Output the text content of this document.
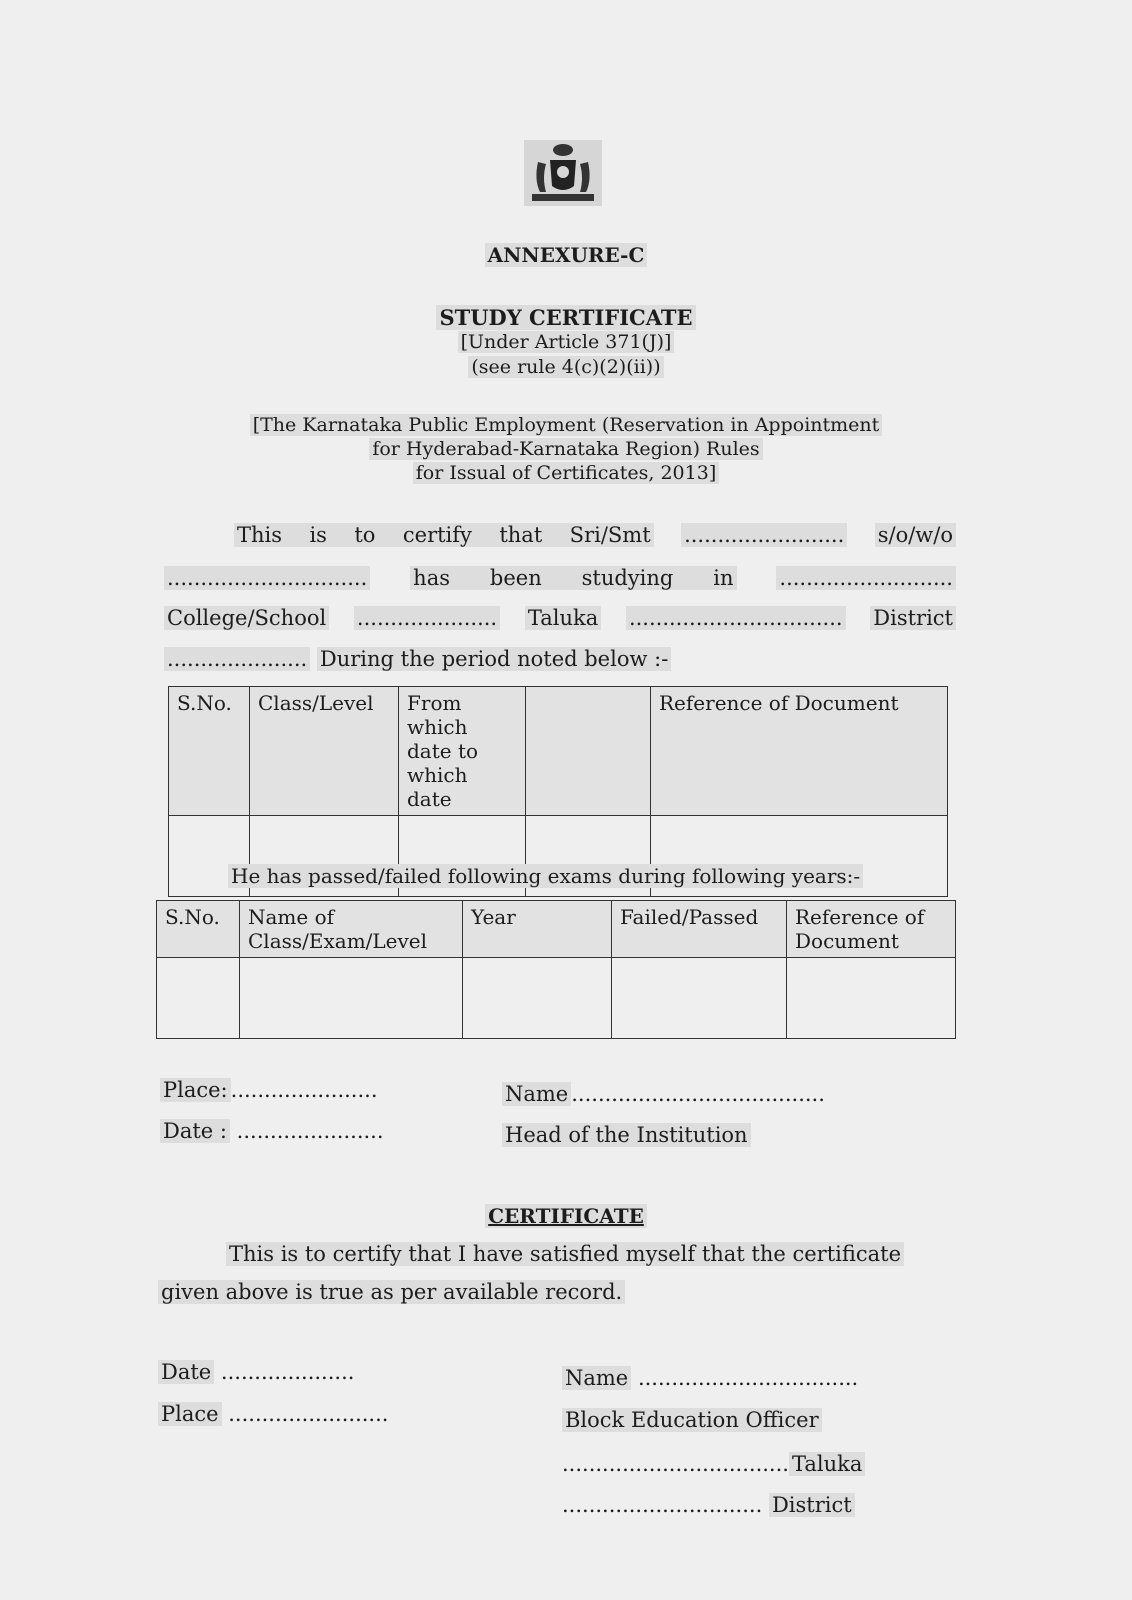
ANNEXURE-C
STUDY CERTIFICATE
[Under Article 371(J)]
(see rule 4(c)(2)(ii))
[The Karnataka Public Employment (Reservation in Appointment
for Hyderabad-Karnataka Region) Rules
for Issual of Certificates, 2013]
This is to certify that Sri/Smt ........................ s/o/w/o
.............................. has been studying in ..........................
College/School ..................... Taluka ................................ District
..................... During the period noted below :-
S.No.	Class/Level	From which date to which date		Reference of Document

He has passed/failed following exams during following years:-
S.No.	Name of Class/Exam/Level	Year	Failed/Passed	Reference of Document

Place: ......................
Date : ......................
Name ......................................
Head of the Institution
CERTIFICATE
This is to certify that I have satisfied myself that the certificate
given above is true as per available record.
Date ....................
Place ........................
Name .................................
Block Education Officer
.................................. Taluka
.............................. District
